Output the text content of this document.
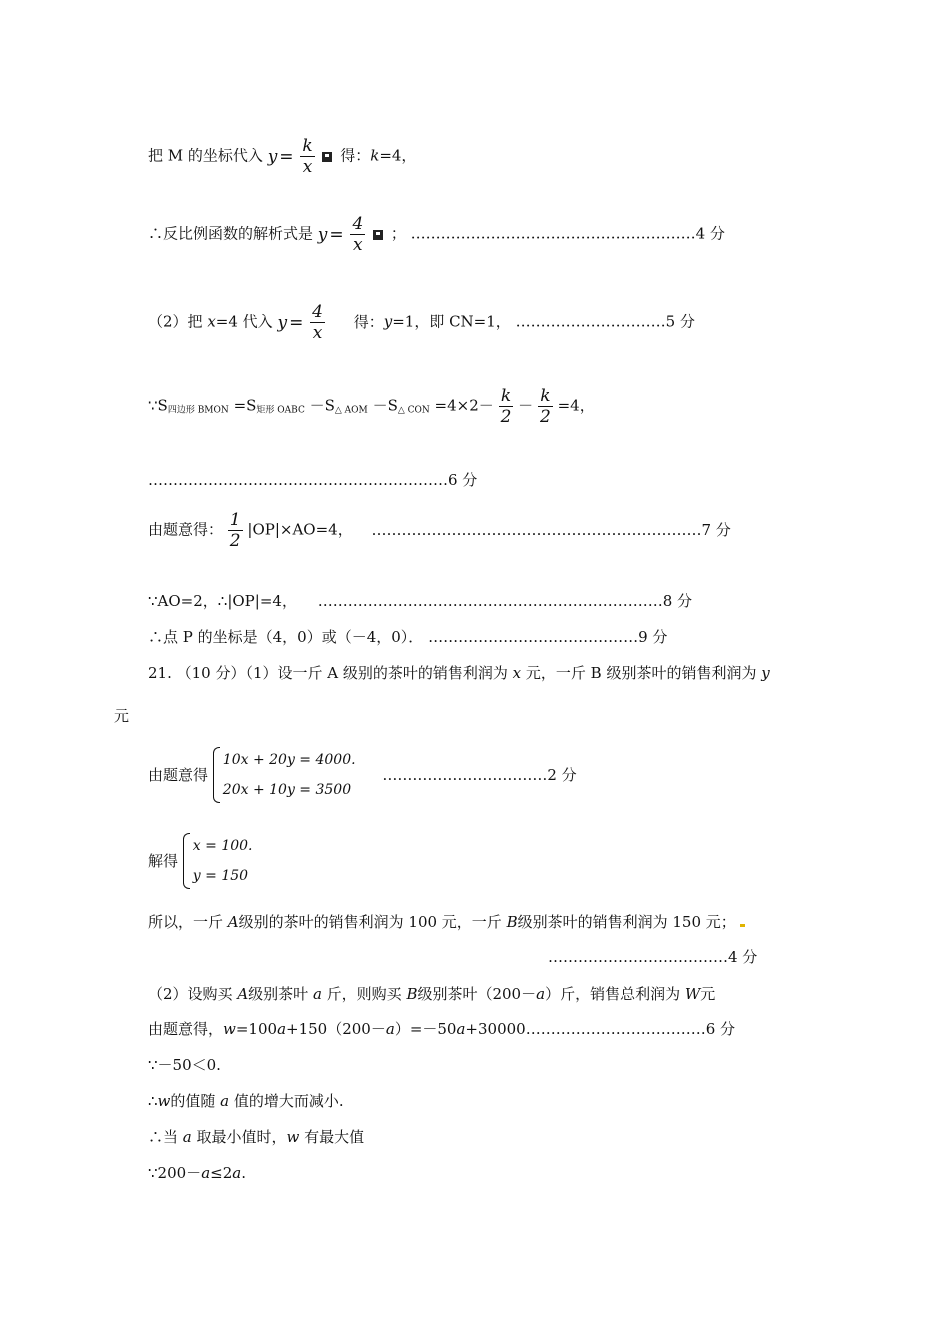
把 M 的坐标代入 $y = \frac{k}{x}$ 得：k=4，
∴反比例函数的解析式是 $y = \frac{4}{x}$ ； …………………………………………………4 分
（2）把 x=4 代入 $y = \frac{4}{x}$ 得：y=1，即 CN=1， …………………………5 分
$\because S_{四边形 BMON} =S_{矩形 OABC} -S_{\triangle AOM} -S_{\triangle CON} =4\times 2- \frac{k}{2} - \frac{k}{2} =4$，
……………………………………………………6 分
由题意得： $\frac{1}{2} |OP|\times AO=4$， …………………………………………………………7 分
∵AO=2，∴|OP|=4， ……………………………………………………………8 分
∴点 P 的坐标是（4，0）或（－4，0）． ……………………………………9 分
21. （10 分）（1）设一斤 A 级别的茶叶的销售利润为 x 元，一斤 B 级别茶叶的销售利润为 y
元
由题意得
10x + 20y = 4000.
20x + 10y = 3500
……………………………2 分
解得
x = 100.
y = 150
所以，一斤 A级别的茶叶的销售利润为 100 元，一斤 B级别茶叶的销售利润为 150 元；
………………………………4 分
（2）设购买 A级别茶叶 a 斤，则购买 B级别茶叶（200－a）斤，销售总利润为 W元
由题意得，w=100a+150（200－a）=－50a+30000………………………………6 分
∵－50＜0.
∴w的值随 a 值的增大而减小.
∴当 a 取最小值时，w 有最大值
∵200－a≤2a.
